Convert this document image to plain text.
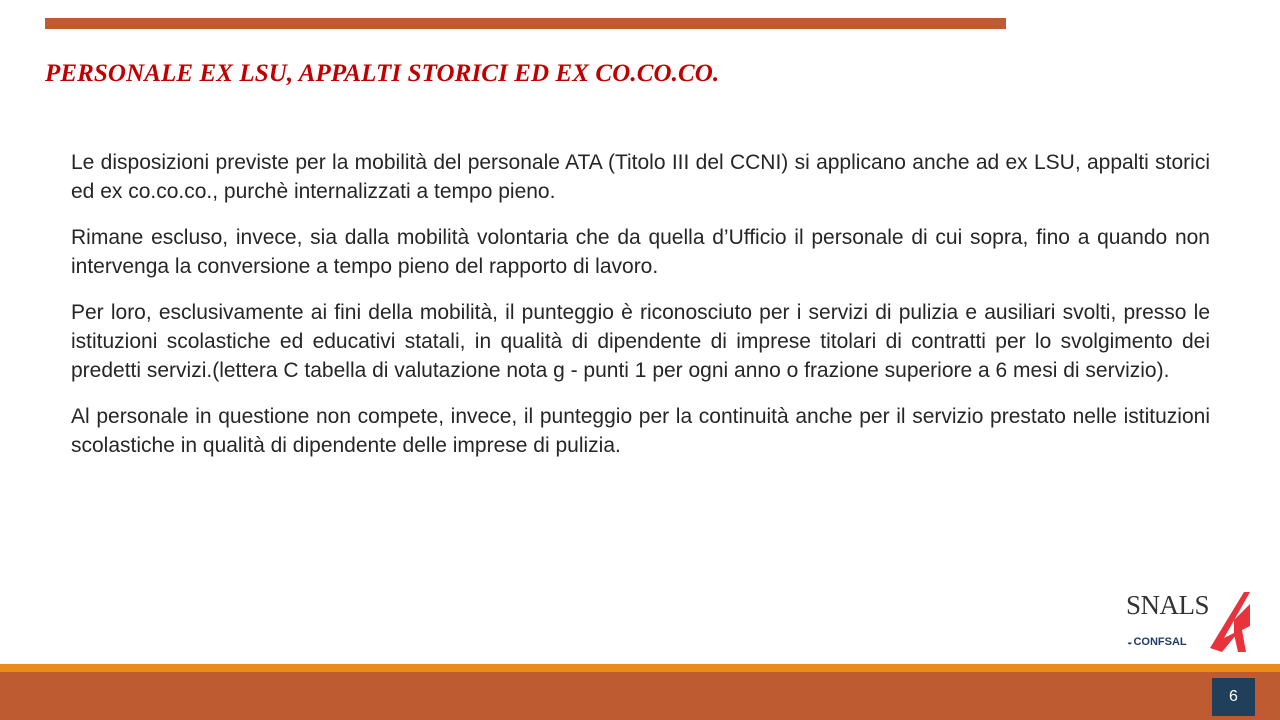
PERSONALE EX LSU, APPALTI STORICI ED EX CO.CO.CO.

Le disposizioni previste per la mobilità del personale ATA (Titolo III del CCNI) si applicano anche ad ex LSU, appalti storici ed ex co.co.co., purchè internalizzati a tempo pieno.

Rimane escluso, invece, sia dalla mobilità volontaria che da quella d’Ufficio il personale di cui sopra, fino a quando non intervenga la conversione a tempo pieno del rapporto di lavoro.

Per loro, esclusivamente ai fini della mobilità, il punteggio è riconosciuto per i servizi di pulizia e ausiliari svolti, presso le istituzioni scolastiche ed educativi statali, in qualità di dipendente di imprese titolari di contratti per lo svolgimento dei predetti servizi.(lettera C tabella di valutazione nota g - punti 1 per ogni anno o frazione superiore a 6 mesi di servizio).

Al personale in questione non compete, invece, il punteggio per la continuità anche per il servizio prestato nelle istituzioni scolastiche in qualità di dipendente delle imprese di pulizia.

SNALS
◒CONFSAL
6
